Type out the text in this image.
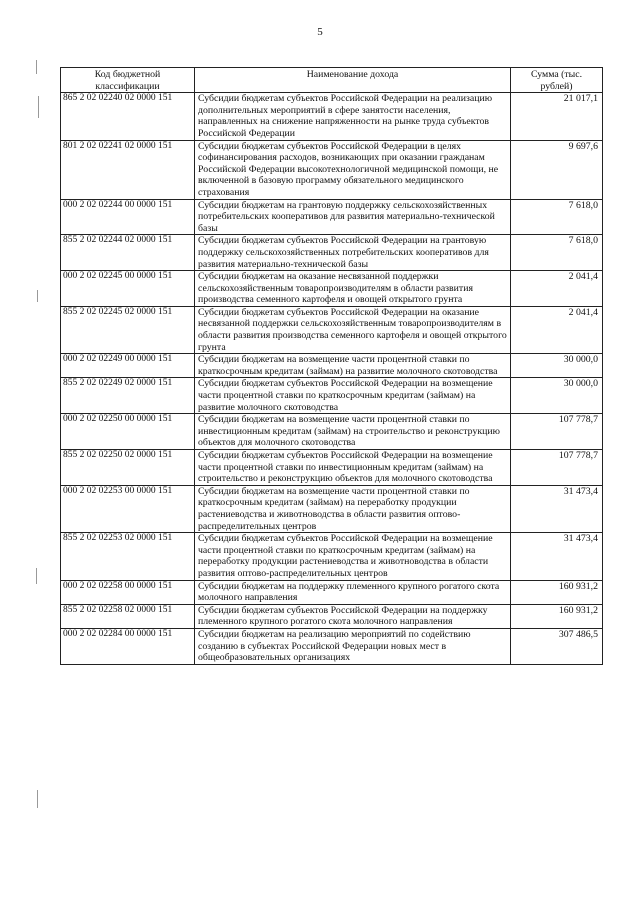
5
Код бюджетной классификации	Наименование дохода	Сумма (тыс. рублей)
865 2 02 02240 02 0000 151	Субсидии бюджетам субъектов Российской Федерации на реализацию дополнительных мероприятий в сфере занятости населения, направленных на снижение напряженности на рынке труда субъектов Российской Федерации	21 017,1
801 2 02 02241 02 0000 151	Субсидии бюджетам субъектов Российской Федерации в целях софинансирования расходов, возникающих при оказании гражданам Российской Федерации высокотехнологичной медицинской помощи, не включенной в базовую программу обязательного медицинского страхования	9 697,6
000 2 02 02244 00 0000 151	Субсидии бюджетам на грантовую поддержку сельскохозяйственных потребительских кооперативов для развития материально-технической базы	7 618,0
855 2 02 02244 02 0000 151	Субсидии бюджетам субъектов Российской Федерации на грантовую поддержку сельскохозяйственных потребительских кооперативов для развития материально-технической базы	7 618,0
000 2 02 02245 00 0000 151	Субсидии бюджетам на оказание несвязанной поддержки сельскохозяйственным товаропроизводителям в области развития производства семенного картофеля и овощей открытого грунта	2 041,4
855 2 02 02245 02 0000 151	Субсидии бюджетам субъектов Российской Федерации на оказание несвязанной поддержки сельскохозяйственным товаропроизводителям в области развития производства семенного картофеля и овощей открытого грунта	2 041,4
000 2 02 02249 00 0000 151	Субсидии бюджетам на возмещение части процентной ставки по краткосрочным кредитам (займам) на развитие молочного скотоводства	30 000,0
855 2 02 02249 02 0000 151	Субсидии бюджетам субъектов Российской Федерации на возмещение части процентной ставки по краткосрочным кредитам (займам) на развитие молочного скотоводства	30 000,0
000 2 02 02250 00 0000 151	Субсидии бюджетам на возмещение части процентной ставки по инвестиционным кредитам (займам) на строительство и реконструкцию объектов для молочного скотоводства	107 778,7
855 2 02 02250 02 0000 151	Субсидии бюджетам субъектов Российской Федерации на возмещение части процентной ставки по инвестиционным кредитам (займам) на строительство и реконструкцию объектов для молочного скотоводства	107 778,7
000 2 02 02253 00 0000 151	Субсидии бюджетам на возмещение части процентной ставки по краткосрочным кредитам (займам) на переработку продукции растениеводства и животноводства в области развития оптово-распределительных центров	31 473,4
855 2 02 02253 02 0000 151	Субсидии бюджетам субъектов Российской Федерации на возмещение части процентной ставки по краткосрочным кредитам (займам) на переработку продукции растениеводства и животноводства в области развития оптово-распределительных центров	31 473,4
000 2 02 02258 00 0000 151	Субсидии бюджетам на поддержку племенного крупного рогатого скота молочного направления	160 931,2
855 2 02 02258 02 0000 151	Субсидии бюджетам субъектов Российской Федерации на поддержку племенного крупного рогатого скота молочного направления	160 931,2
000 2 02 02284 00 0000 151	Субсидии бюджетам на реализацию мероприятий по содействию созданию в субъектах Российской Федерации новых мест в общеобразовательных организациях	307 486,5
